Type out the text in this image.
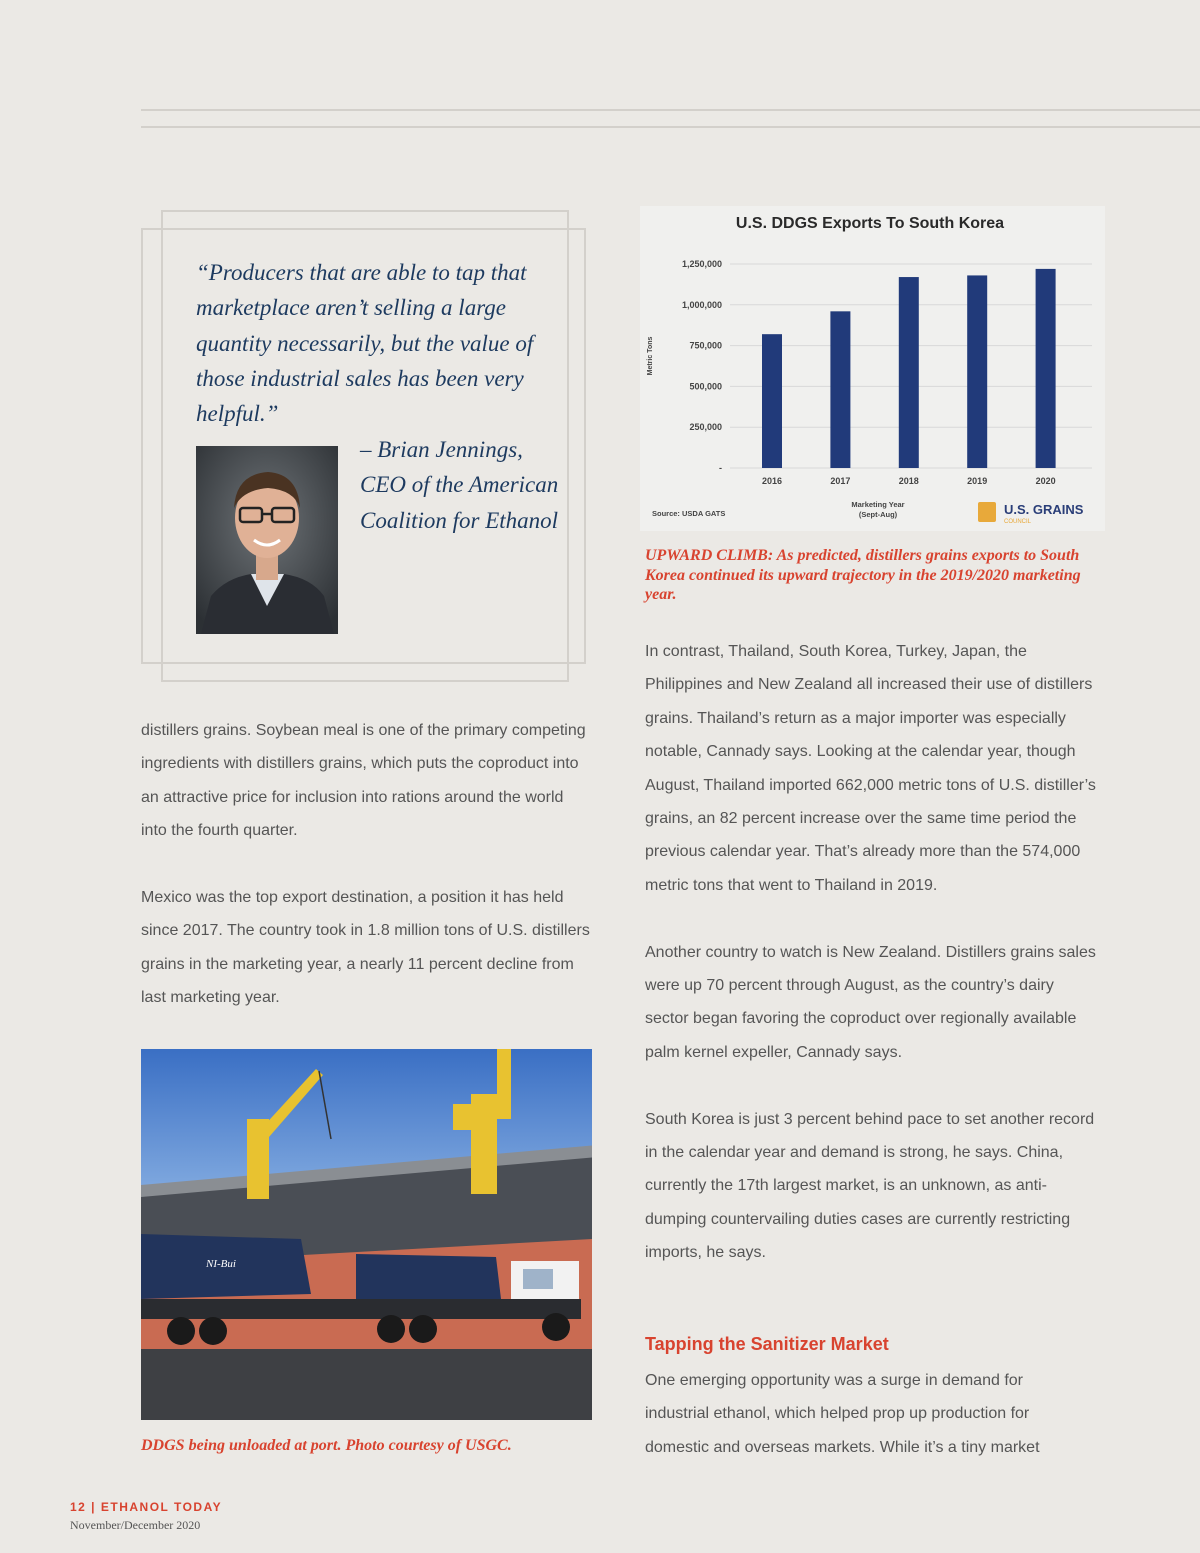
“Producers that are able to tap that marketplace aren’t selling a large quantity necessarily, but the value of those industrial sales has been very helpful.”
– Brian Jennings, CEO of the American Coalition for Ethanol

distillers grains. Soybean meal is one of the primary competing ingredients with distillers grains, which puts the coproduct into an attractive price for inclusion into rations around the world into the fourth quarter.

Mexico was the top export destination, a position it has held since 2017. The country took in 1.8 million tons of U.S. distillers grains in the marketing year, a nearly 11 percent decline from last marketing year.

NI-Bui
DDGS being unloaded at port. Photo courtesy of USGC.
U.S. DDGS Exports To South Korea
Metric Tons
-
250,000
500,000
750,000
1,000,000
1,250,000
2016	2017	2018	2019	2020
Marketing Year
(Sept-Aug)
Source: USDA GATS	U.S. GRAINS
COUNCIL
UPWARD CLIMB: As predicted, distillers grains exports to South Korea continued its upward trajectory in the 2019/2020 marketing year.

In contrast, Thailand, South Korea, Turkey, Japan, the Philippines and New Zealand all increased their use of distillers grains. Thailand’s return as a major importer was especially notable, Cannady says. Looking at the calendar year, though August, Thailand imported 662,000 metric tons of U.S. distiller’s grains, an 82 percent increase over the same time period the previous calendar year. That’s already more than the 574,000 metric tons that went to Thailand in 2019.

Another country to watch is New Zealand. Distillers grains sales were up 70 percent through August, as the country’s dairy sector began favoring the coproduct over regionally available palm kernel expeller, Cannady says.

South Korea is just 3 percent behind pace to set another record in the calendar year and demand is strong, he says. China, currently the 17th largest market, is an unknown, as anti-dumping countervailing duties cases are currently restricting imports, he says.

Tapping the Sanitizer Market
One emerging opportunity was a surge in demand for industrial ethanol, which helped prop up production for domestic and overseas markets. While it’s a tiny market
12 | ETHANOL TODAY
November/December 2020
